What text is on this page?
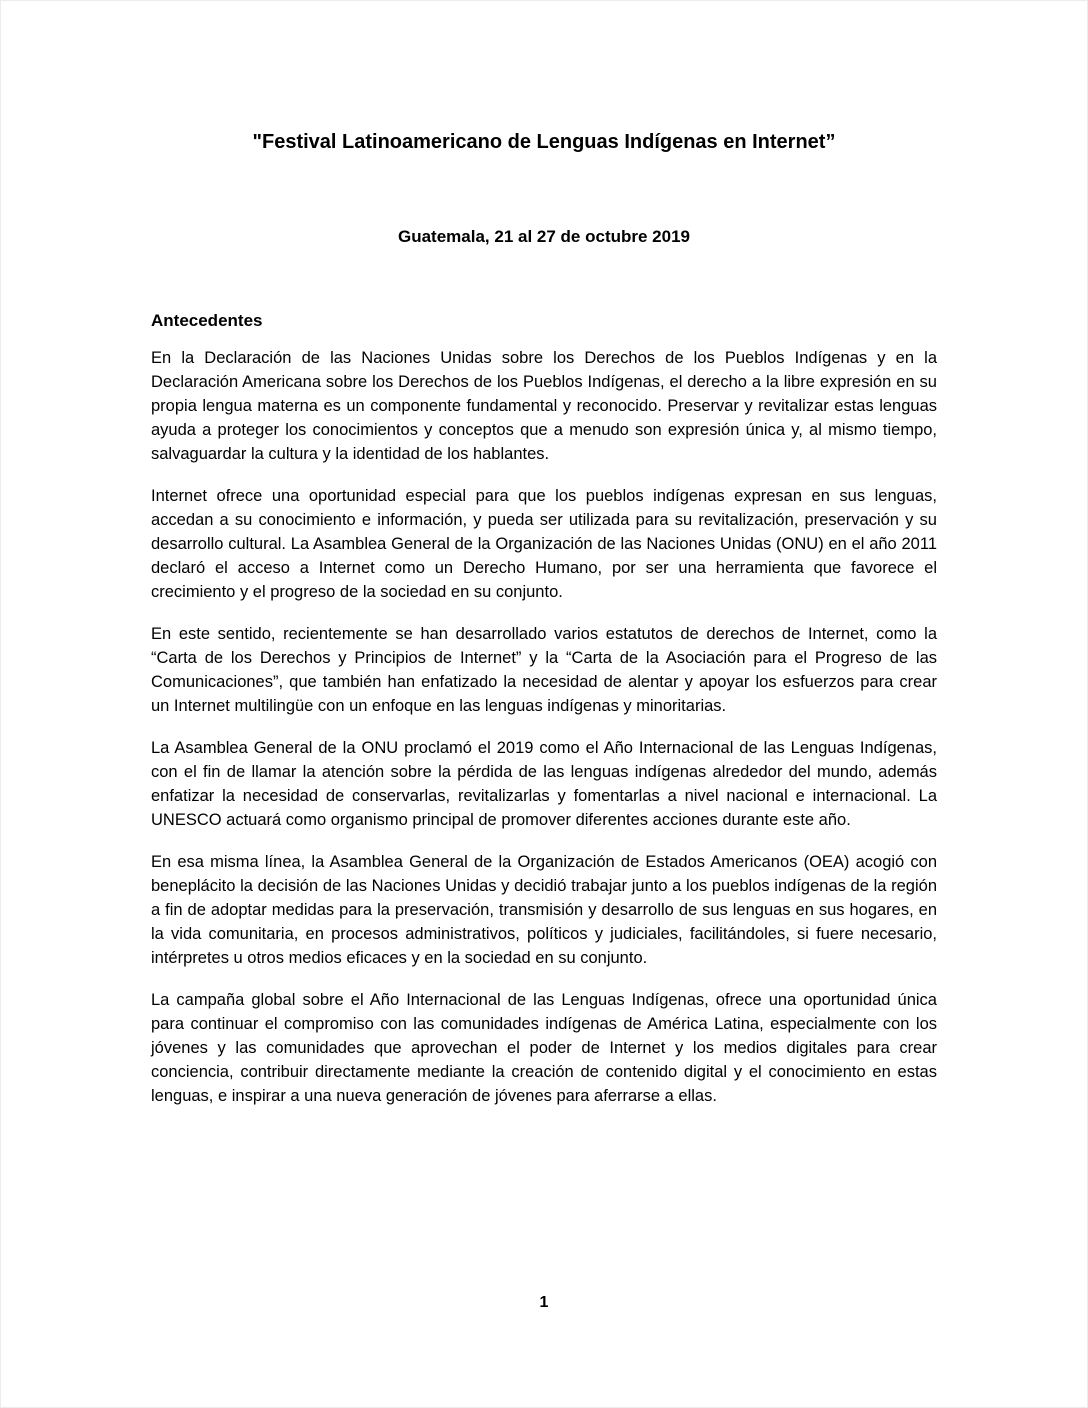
"Festival Latinoamericano de Lenguas Indígenas en Internet”

Guatemala, 21 al 27 de octubre 2019

Antecedentes

En la Declaración de las Naciones Unidas sobre los Derechos de los Pueblos Indígenas y en la Declaración Americana sobre los Derechos de los Pueblos Indígenas, el derecho a la libre expresión en su propia lengua materna es un componente fundamental y reconocido. Preservar y revitalizar estas lenguas ayuda a proteger los conocimientos y conceptos que a menudo son expresión única y, al mismo tiempo, salvaguardar la cultura y la identidad de los hablantes.

Internet ofrece una oportunidad especial para que los pueblos indígenas expresan en sus lenguas, accedan a su conocimiento e información, y pueda ser utilizada para su revitalización, preservación y su desarrollo cultural. La Asamblea General de la Organización de las Naciones Unidas (ONU) en el año 2011 declaró el acceso a Internet como un Derecho Humano, por ser una herramienta que favorece el crecimiento y el progreso de la sociedad en su conjunto.

En este sentido, recientemente se han desarrollado varios estatutos de derechos de Internet, como la “Carta de los Derechos y Principios de Internet” y la “Carta de la Asociación para el Progreso de las Comunicaciones”, que también han enfatizado la necesidad de alentar y apoyar los esfuerzos para crear un Internet multilingüe con un enfoque en las lenguas indígenas y minoritarias.

La Asamblea General de la ONU proclamó el 2019 como el Año Internacional de las Lenguas Indígenas, con el fin de llamar la atención sobre la pérdida de las lenguas indígenas alrededor del mundo, además enfatizar la necesidad de conservarlas, revitalizarlas y fomentarlas a nivel nacional e internacional. La UNESCO actuará como organismo principal de promover diferentes acciones durante este año.

En esa misma línea, la Asamblea General de la Organización de Estados Americanos (OEA) acogió con beneplácito la decisión de las Naciones Unidas y decidió trabajar junto a los pueblos indígenas de la región a fin de adoptar medidas para la preservación, transmisión y desarrollo de sus lenguas en sus hogares, en la vida comunitaria, en procesos administrativos, políticos y judiciales, facilitándoles, si fuere necesario, intérpretes u otros medios eficaces y en la sociedad en su conjunto.

La campaña global sobre el Año Internacional de las Lenguas Indígenas, ofrece una oportunidad única para continuar el compromiso con las comunidades indígenas de América Latina, especialmente con los jóvenes y las comunidades que aprovechan el poder de Internet y los medios digitales para crear conciencia, contribuir directamente mediante la creación de contenido digital y el conocimiento en estas lenguas, e inspirar a una nueva generación de jóvenes para aferrarse a ellas.

1
